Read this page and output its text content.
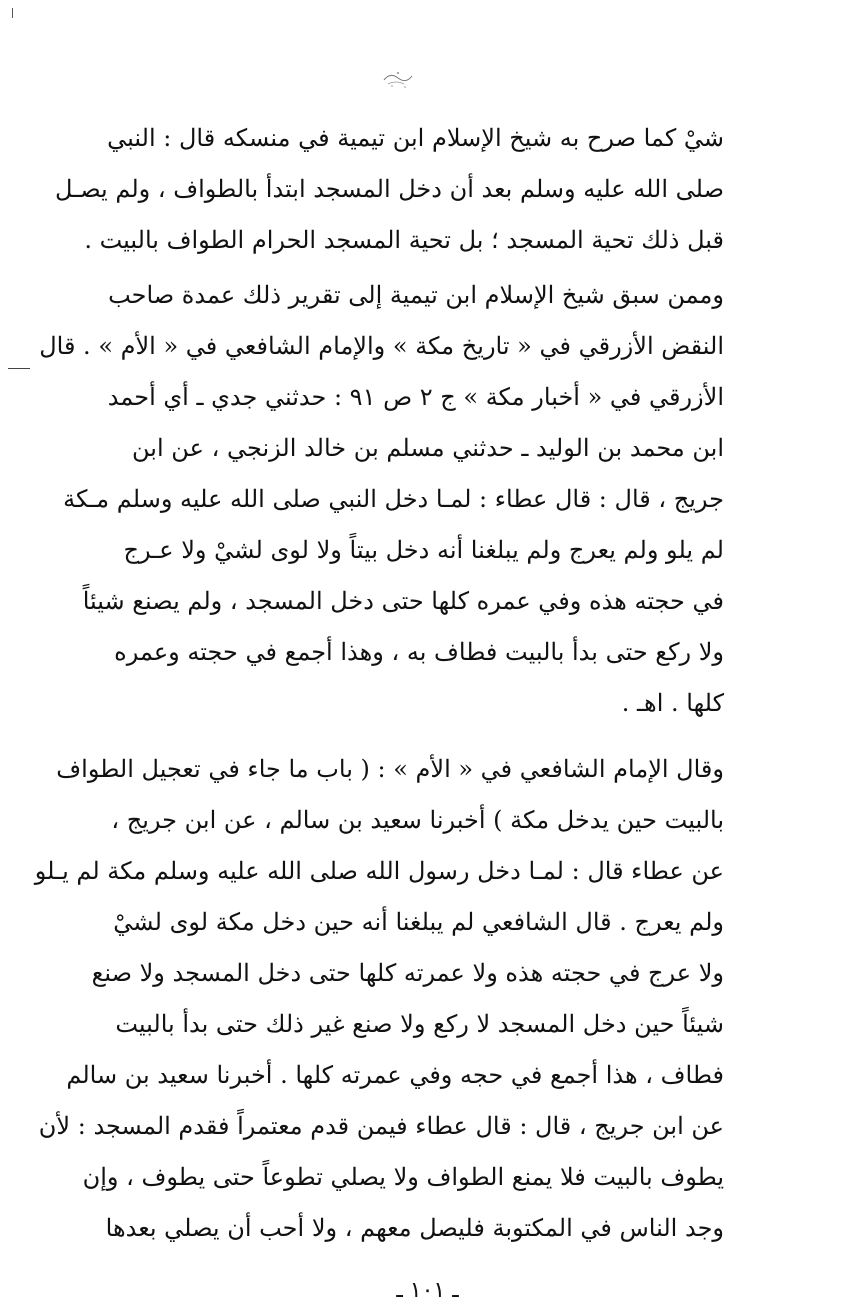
شيْ كما صرح به شيخ الإسلام ابن تيمية في منسكه قال : النبي
صلى الله عليه وسلم بعد أن دخل المسجد ابتدأ بالطواف ، ولم يصـل
قبل ذلك تحية المسجد ؛ بل تحية المسجد الحرام الطواف بالبيت .
وممن سبق شيخ الإسلام ابن تيمية إلى تقرير ذلك عمدة صاحب
النقض الأزرقي في « تاريخ مكة » والإمام الشافعي في « الأم » . قال
الأزرقي في « أخبار مكة » ج ٢ ص ٩١ : حدثني جدي ـ أي أحمد
ابن محمد بن الوليد ـ حدثني مسلم بن خالد الزنجي ، عن ابن
جريج ، قال : قال عطاء : لمـا دخل النبي صلى الله عليه وسلم مـكة
لم يلو ولم يعرج ولم يبلغنا أنه دخل بيتاً ولا لوى لشيْ ولا عـرج
في حجته هذه وفي عمره كلها حتى دخل المسجد ، ولم يصنع شيئاً
ولا ركع حتى بدأ بالبيت فطاف به ، وهذا أجمع في حجته وعمره
كلها . اهـ .
وقال الإمام الشافعي في « الأم » : ( باب ما جاء في تعجيل الطواف
بالبيت حين يدخل مكة ) أخبرنا سعيد بن سالم ، عن ابن جريج ،
عن عطاء قال : لمـا دخل رسول الله صلى الله عليه وسلم مكة لم يـلو
ولم يعرج . قال الشافعي لم يبلغنا أنه حين دخل مكة لوى لشيْ
ولا عرج في حجته هذه ولا عمرته كلها حتى دخل المسجد ولا صنع
شيئاً حين دخل المسجد لا ركع ولا صنع غير ذلك حتى بدأ بالبيت
فطاف ، هذا أجمع في حجه وفي عمرته كلها . أخبرنا سعيد بن سالم
عن ابن جريج ، قال : قال عطاء فيمن قدم معتمراً فقدم المسجد : لأن
يطوف بالبيت فلا يمنع الطواف ولا يصلي تطوعاً حتى يطوف ، وإن
وجد الناس في المكتوبة فليصل معهم ، ولا أحب أن يصلي بعدها
ـ ١٠١ ـ
